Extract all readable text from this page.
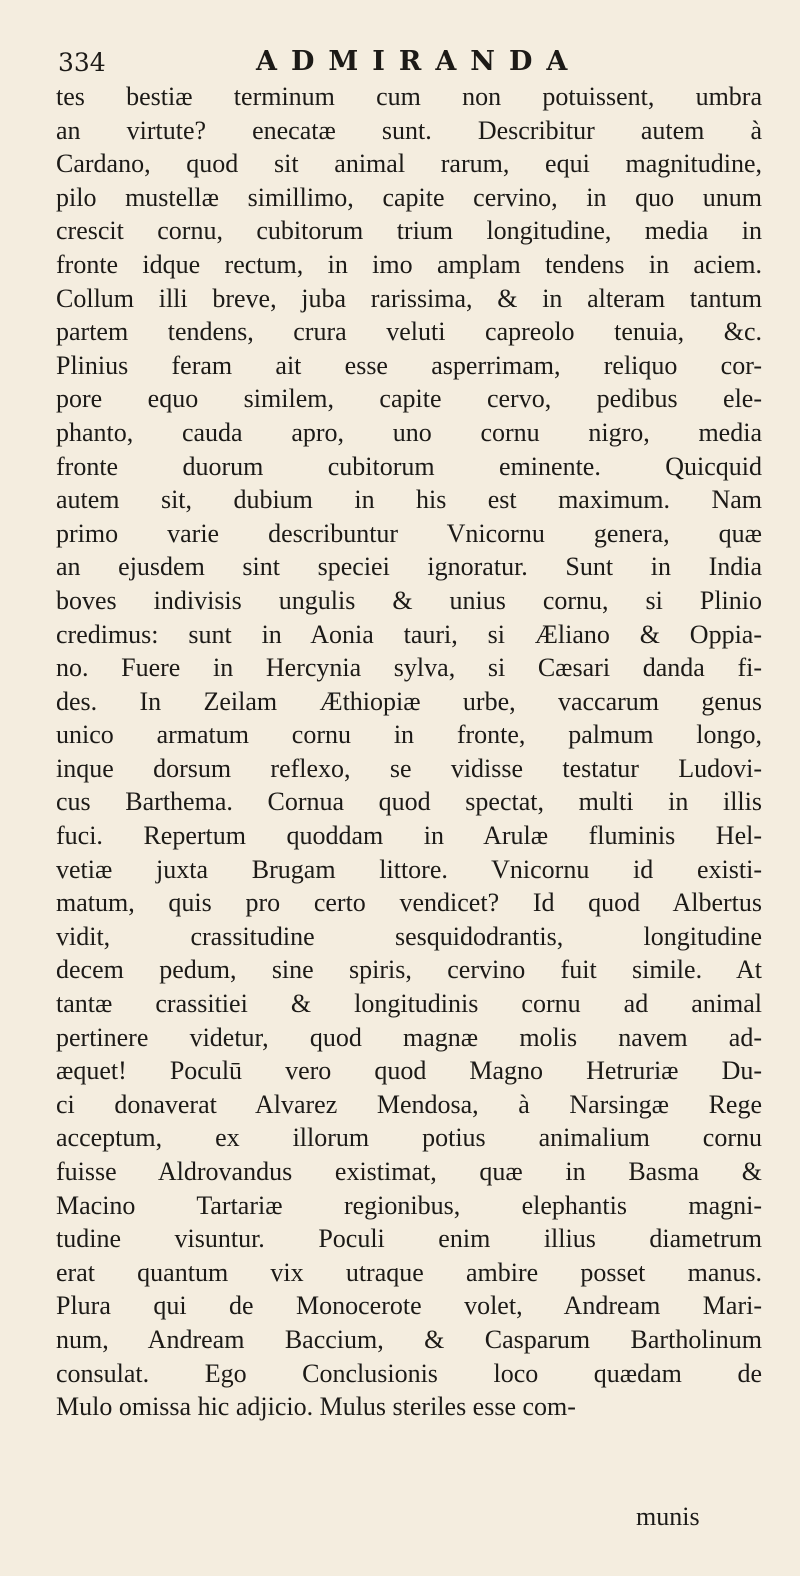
334	ADMIRANDA
tes bestiæ terminum cum non potuissent, umbra
an virtute? enecatæ sunt. Describitur autem à
Cardano, quod sit animal rarum, equi magnitudine,
pilo mustellæ simillimo, capite cervino, in quo unum
crescit cornu, cubitorum trium longitudine, media in
fronte idque rectum, in imo amplam tendens in aciem.
Collum illi breve, juba rarissima, & in alteram tantum
partem tendens, crura veluti capreolo tenuia, &c.
Plinius feram ait esse asperrimam, reliquo cor-
pore equo similem, capite cervo, pedibus ele-
phanto, cauda apro, uno cornu nigro, media
fronte duorum cubitorum eminente. Quicquid
autem sit, dubium in his est maximum. Nam
primo varie describuntur Vnicornu genera, quæ
an ejusdem sint speciei ignoratur. Sunt in India
boves indivisis ungulis & unius cornu, si Plinio
credimus: sunt in Aonia tauri, si Æliano & Oppia-
no. Fuere in Hercynia sylva, si Cæsari danda fi-
des. In Zeilam Æthiopiæ urbe, vaccarum genus
unico armatum cornu in fronte, palmum longo,
inque dorsum reflexo, se vidisse testatur Ludovi-
cus Barthema. Cornua quod spectat, multi in illis
fuci. Repertum quoddam in Arulæ fluminis Hel-
vetiæ juxta Brugam littore. Vnicornu id existi-
matum, quis pro certo vendicet? Id quod Albertus
vidit, crassitudine sesquidodrantis, longitudine
decem pedum, sine spiris, cervino fuit simile. At
tantæ crassitiei & longitudinis cornu ad animal
pertinere videtur, quod magnæ molis navem ad-
æquet! Poculū vero quod Magno Hetruriæ Du-
ci donaverat Alvarez Mendosa, à Narsingæ Rege
acceptum, ex illorum potius animalium cornu
fuisse Aldrovandus existimat, quæ in Basma &
Macino Tartariæ regionibus, elephantis magni-
tudine visuntur. Poculi enim illius diametrum
erat quantum vix utraque ambire posset manus.
Plura qui de Monocerote volet, Andream Mari-
num, Andream Baccium, & Casparum Bartholinum
consulat. Ego Conclusionis loco quædam de
Mulo omissa hic adjicio. Mulus steriles esse com-
munis
